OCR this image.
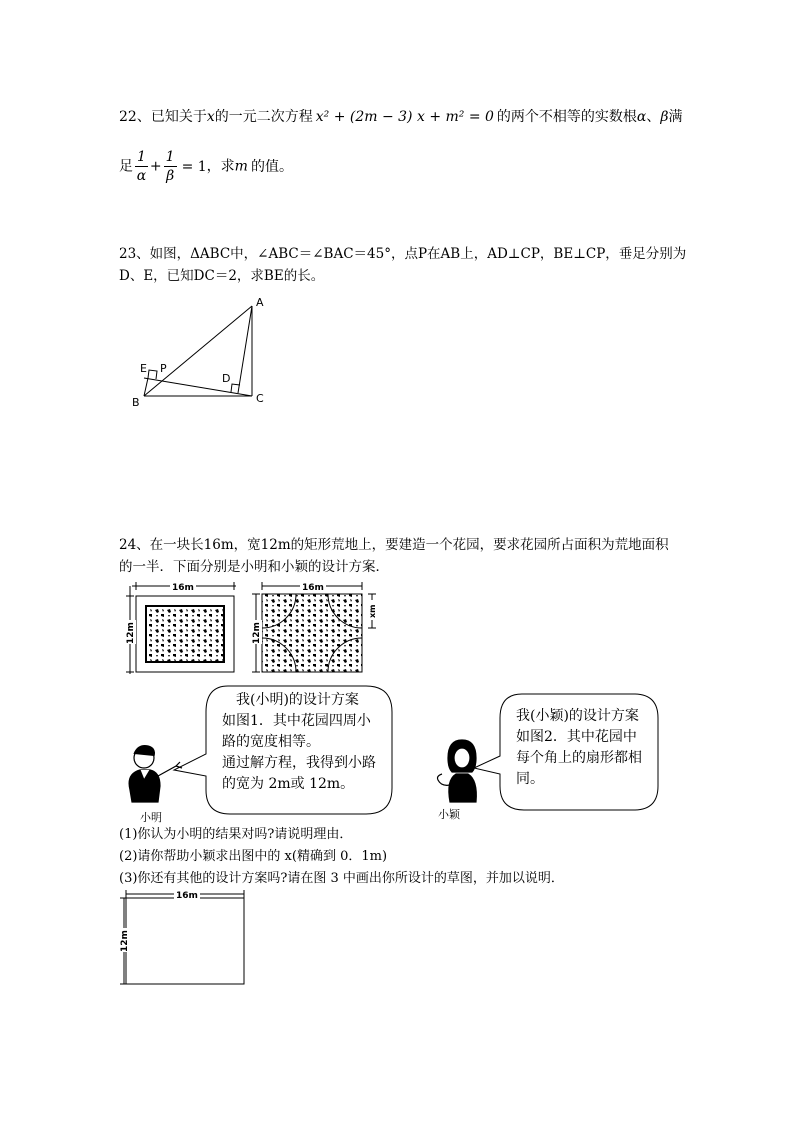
22、已知关于x的一元二次方程 x² + (2m − 3) x + m² = 0 的两个不相等的实数根α、β满
足 $\frac{1}{\alpha} + \frac{1}{\beta} = 1$，求m 的值。
23、如图，ΔABC中，∠ABC＝∠BAC＝45°，点P在AB上，AD⊥CP，BE⊥CP，垂足分别为
D、E，已知DC＝2，求BE的长。
A
B	C
D
E P
24、在一块长16m，宽12m的矩形荒地上，要建造一个花园，要求花园所占面积为荒地面积
的一半．下面分别是小明和小颖的设计方案．
16m
12m
16m
12m
xm
我(小明)的设计方案
如图1．其中花园四周小
路的宽度相等。
通过解方程，我得到小路
的宽为 2m或 12m。
小明
我(小颖)的设计方案
如图2．其中花园中
每个角上的扇形都相
同。
小颖
(1)你认为小明的结果对吗?请说明理由．
(2)请你帮助小颖求出图中的 x(精确到 0．1m)
(3)你还有其他的设计方案吗?请在图 3 中画出你所设计的草图，并加以说明．
16m
12m
